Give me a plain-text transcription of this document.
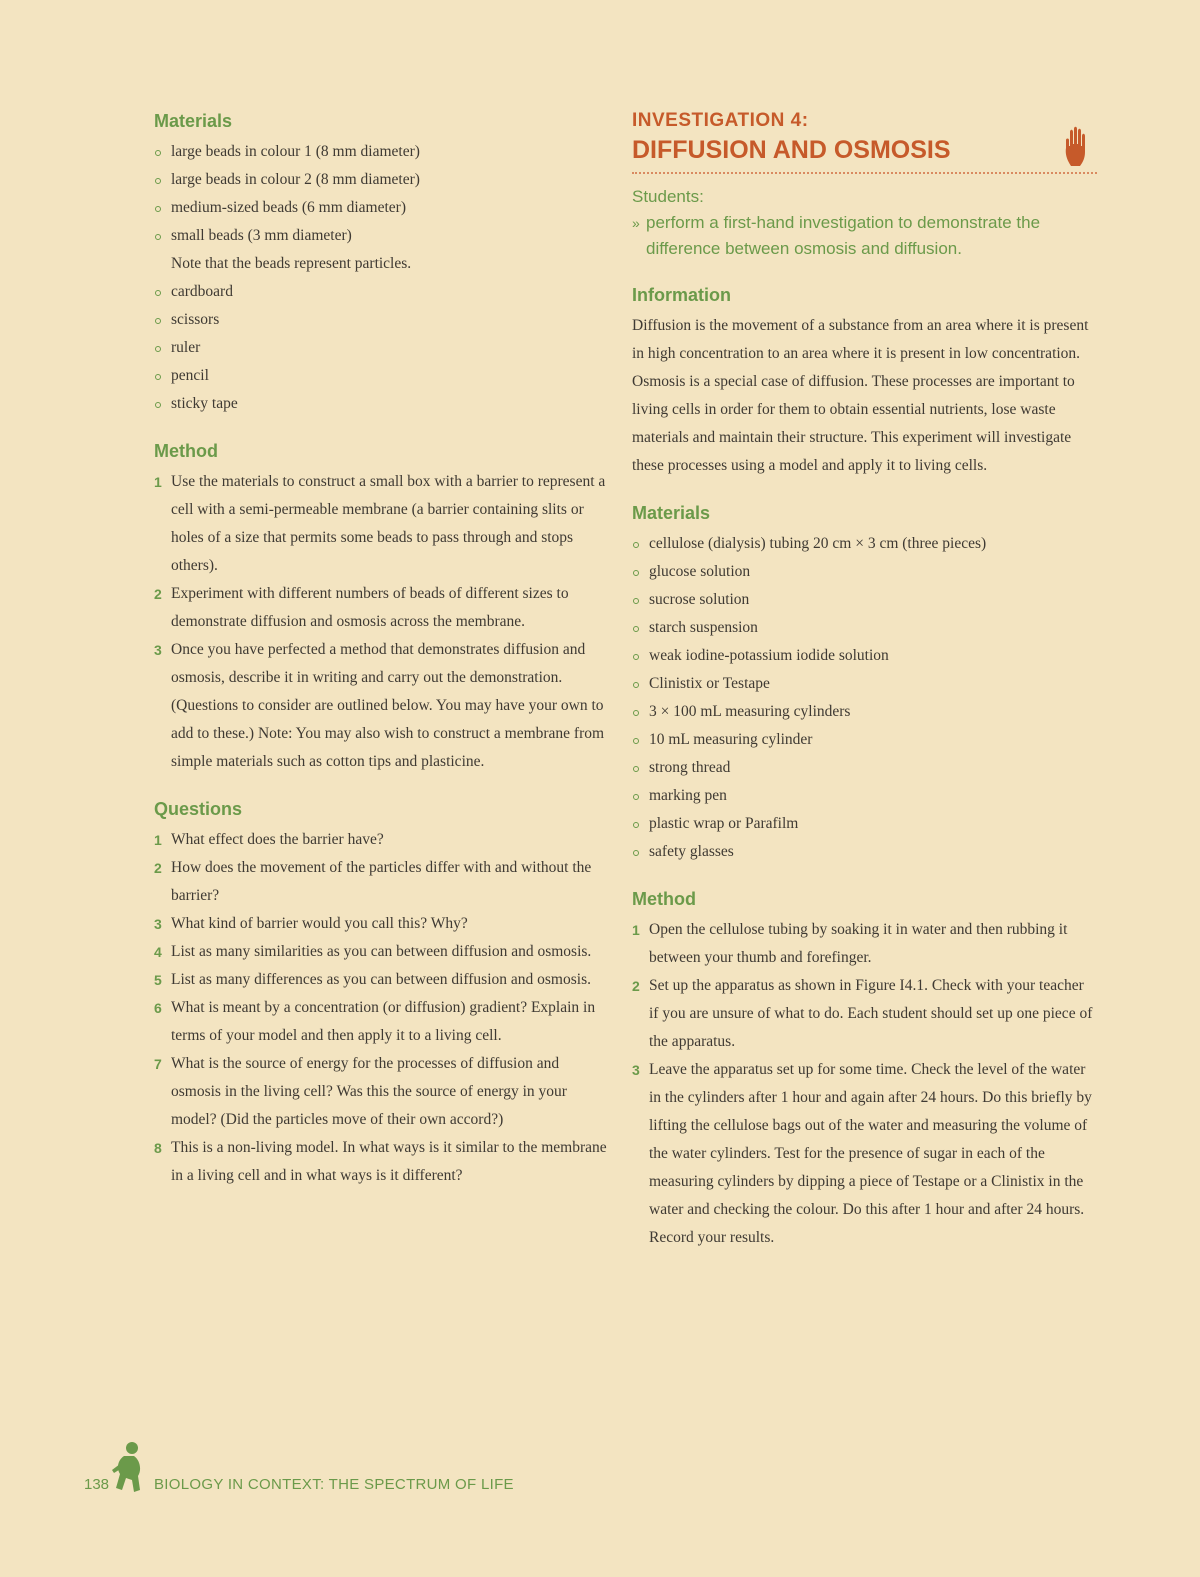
Materials
large beads in colour 1 (8 mm diameter)
large beads in colour 2 (8 mm diameter)
medium-sized beads (6 mm diameter)
small beads (3 mm diameter)
Note that the beads represent particles.
cardboard
scissors
ruler
pencil
sticky tape
Method
1 Use the materials to construct a small box with a barrier to represent a cell with a semi-permeable membrane (a barrier containing slits or holes of a size that permits some beads to pass through and stops others).
2 Experiment with different numbers of beads of different sizes to demonstrate diffusion and osmosis across the membrane.
3 Once you have perfected a method that demonstrates diffusion and osmosis, describe it in writing and carry out the demonstration. (Questions to consider are outlined below. You may have your own to add to these.) Note: You may also wish to construct a membrane from simple materials such as cotton tips and plasticine.
Questions
1 What effect does the barrier have?
2 How does the movement of the particles differ with and without the barrier?
3 What kind of barrier would you call this? Why?
4 List as many similarities as you can between diffusion and osmosis.
5 List as many differences as you can between diffusion and osmosis.
6 What is meant by a concentration (or diffusion) gradient? Explain in terms of your model and then apply it to a living cell.
7 What is the source of energy for the processes of diffusion and osmosis in the living cell? Was this the source of energy in your model? (Did the particles move of their own accord?)
8 This is a non-living model. In what ways is it similar to the membrane in a living cell and in what ways is it different?
INVESTIGATION 4:
DIFFUSION AND OSMOSIS
Students:
» perform a first-hand investigation to demonstrate the difference between osmosis and diffusion.
Information

Diffusion is the movement of a substance from an area where it is present in high concentration to an area where it is present in low concentration. Osmosis is a special case of diffusion. These processes are important to living cells in order for them to obtain essential nutrients, lose waste materials and maintain their structure. This experiment will investigate these processes using a model and apply it to living cells.

Materials
cellulose (dialysis) tubing 20 cm × 3 cm (three pieces)
glucose solution
sucrose solution
starch suspension
weak iodine-potassium iodide solution
Clinistix or Testape
3 × 100 mL measuring cylinders
10 mL measuring cylinder
strong thread
marking pen
plastic wrap or Parafilm
safety glasses
Method
1 Open the cellulose tubing by soaking it in water and then rubbing it between your thumb and forefinger.
2 Set up the apparatus as shown in Figure I4.1. Check with your teacher if you are unsure of what to do. Each student should set up one piece of the apparatus.
3 Leave the apparatus set up for some time. Check the level of the water in the cylinders after 1 hour and again after 24 hours. Do this briefly by lifting the cellulose bags out of the water and measuring the volume of the water cylinders. Test for the presence of sugar in each of the measuring cylinders by dipping a piece of Testape or a Clinistix in the water and checking the colour. Do this after 1 hour and after 24 hours. Record your results.
138	BIOLOGY IN CONTEXT: THE SPECTRUM OF LIFE
